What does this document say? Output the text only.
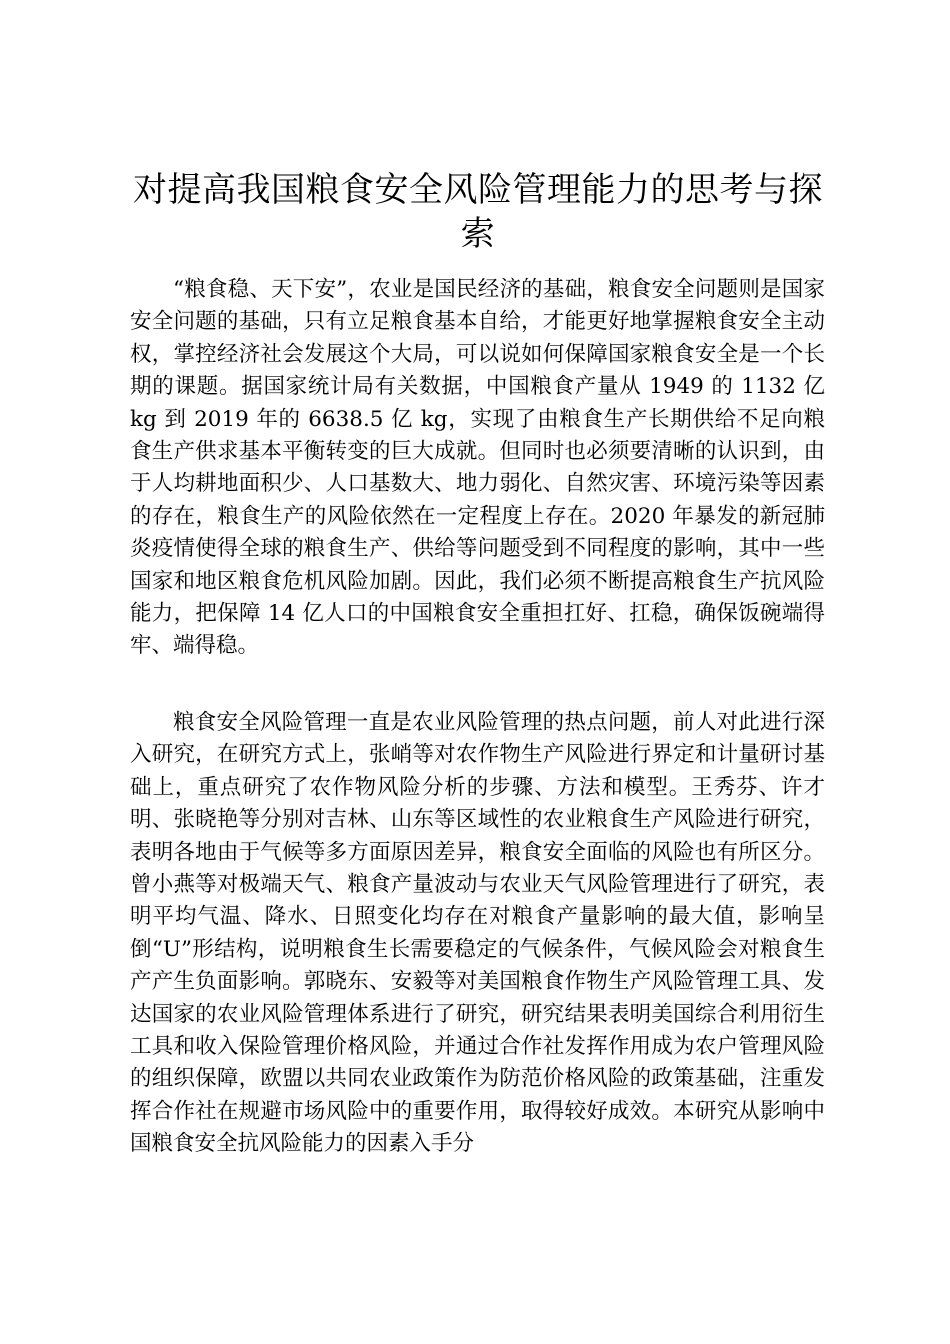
对提高我国粮食安全风险管理能力的思考与探索

“粮食稳、天下安”，农业是国民经济的基础，粮食安全问题则是国家安全问题的基础，只有立足粮食基本自给，才能更好地掌握粮食安全主动权，掌控经济社会发展这个大局，可以说如何保障国家粮食安全是一个长期的课题。据国家统计局有关数据，中国粮食产量从 1949 的 1132 亿 kg 到 2019 年的 6638.5 亿 kg，实现了由粮食生产长期供给不足向粮食生产供求基本平衡转变的巨大成就。但同时也必须要清晰的认识到，由于人均耕地面积少、人口基数大、地力弱化、自然灾害、环境污染等因素的存在，粮食生产的风险依然在一定程度上存在。2020 年暴发的新冠肺炎疫情使得全球的粮食生产、供给等问题受到不同程度的影响，其中一些国家和地区粮食危机风险加剧。因此，我们必须不断提高粮食生产抗风险能力，把保障 14 亿人口的中国粮食安全重担扛好、扛稳，确保饭碗端得牢、端得稳。

粮食安全风险管理一直是农业风险管理的热点问题，前人对此进行深入研究，在研究方式上，张峭等对农作物生产风险进行界定和计量研讨基础上，重点研究了农作物风险分析的步骤、方法和模型。王秀芬、许才明、张晓艳等分别对吉林、山东等区域性的农业粮食生产风险进行研究，表明各地由于气候等多方面原因差异，粮食安全面临的风险也有所区分。曾小燕等对极端天气、粮食产量波动与农业天气风险管理进行了研究，表明平均气温、降水、日照变化均存在对粮食产量影响的最大值，影响呈倒“U”形结构，说明粮食生长需要稳定的气候条件，气候风险会对粮食生产产生负面影响。郭晓东、安毅等对美国粮食作物生产风险管理工具、发达国家的农业风险管理体系进行了研究，研究结果表明美国综合利用衍生工具和收入保险管理价格风险，并通过合作社发挥作用成为农户管理风险的组织保障，欧盟以共同农业政策作为防范价格风险的政策基础，注重发挥合作社在规避市场风险中的重要作用，取得较好成效。本研究从影响中国粮食安全抗风险能力的因素入手分
